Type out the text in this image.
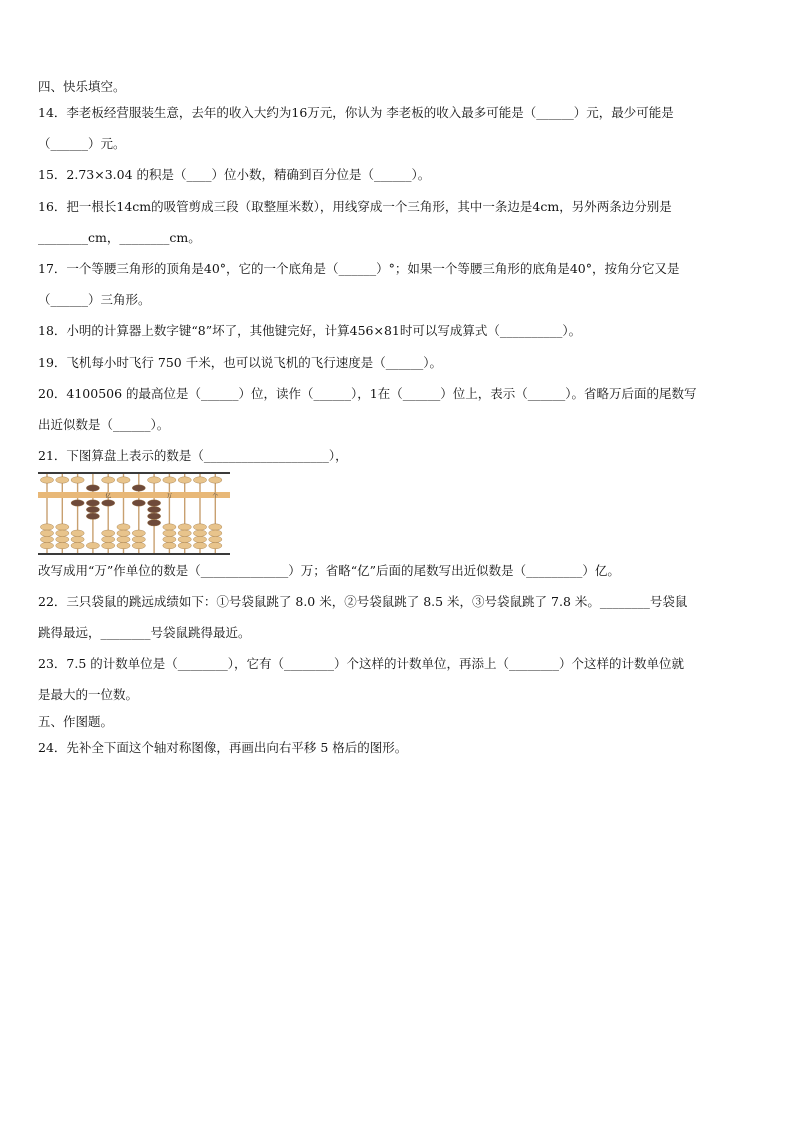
四、快乐填空。
14．李老板经营服装生意，去年的收入大约为16万元，你认为 李老板的收入最多可能是（______）元，最少可能是
（______）元。
15．2.73×3.04 的积是（____）位小数，精确到百分位是（______）。
16．把一根长14cm的吸管剪成三段（取整厘米数），用线穿成一个三角形，其中一条边是4cm，另外两条边分别是
________cm，________cm。
17．一个等腰三角形的顶角是40°，它的一个底角是（______）°；如果一个等腰三角形的底角是40°，按角分它又是
（______）三角形。
18．小明的计算器上数字键“8”坏了，其他键完好，计算456×81时可以写成算式（__________）。
19．飞机每小时飞行 750 千米，也可以说飞机的飞行速度是（______）。
20．4100506 的最高位是（______）位，读作（______），1在（______）位上，表示（______）。省略万后面的尾数写
出近似数是（______）。
21．下图算盘上表示的数是（____________________），
改写成用“万”作单位的数是（______________）万；省略“亿”后面的尾数写出近似数是（_________）亿。
22．三只袋鼠的跳远成绩如下：①号袋鼠跳了 8.0 米，②号袋鼠跳了 8.5 米，③号袋鼠跳了 7.8 米。________号袋鼠
跳得最远，________号袋鼠跳得最近。
23．7.5 的计数单位是（________），它有（________）个这样的计数单位，再添上（________）个这样的计数单位就
是最大的一位数。
五、作图题。
24．先补全下面这个轴对称图像，再画出向右平移 5 格后的图形。
亿	万	个
